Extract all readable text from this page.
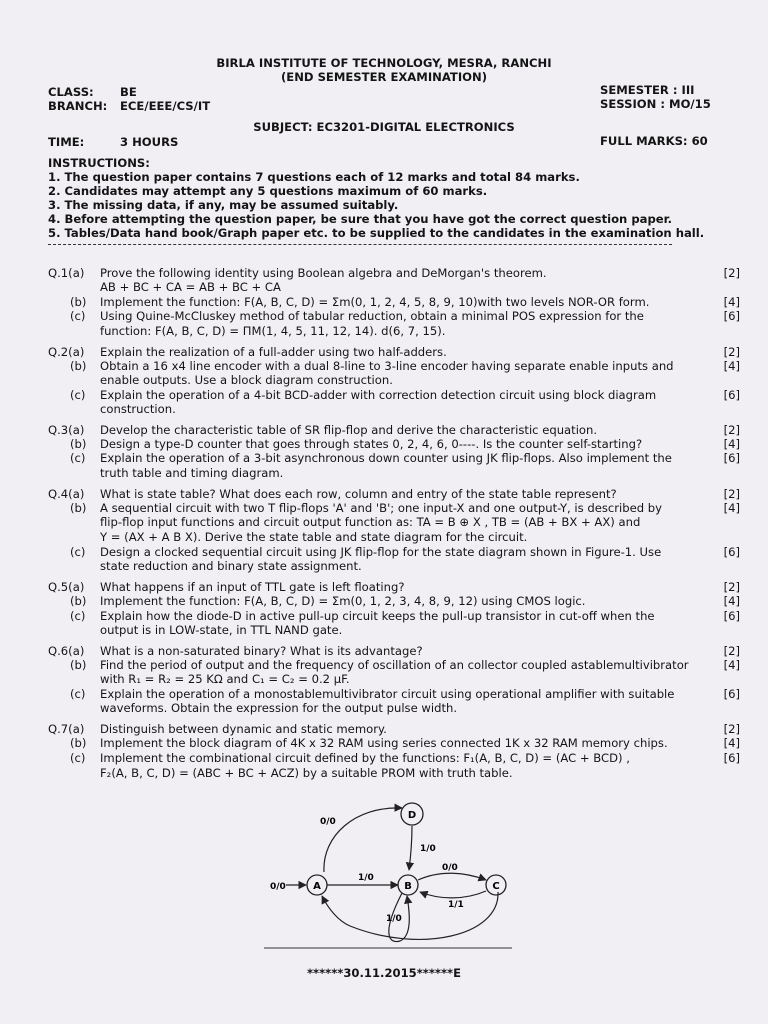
BIRLA INSTITUTE OF TECHNOLOGY, MESRA, RANCHI
(END SEMESTER EXAMINATION)
CLASS: BE	SEMESTER : III
BRANCH: ECE/EEE/CS/IT	SESSION : MO/15
SUBJECT: EC3201-DIGITAL ELECTRONICS
TIME:	3 HOURS	FULL MARKS: 60
INSTRUCTIONS:
1. The question paper contains 7 questions each of 12 marks and total 84 marks.
2. Candidates may attempt any 5 questions maximum of 60 marks.
3. The missing data, if any, may be assumed suitably.
4. Before attempting the question paper, be sure that you have got the correct question paper.
5. Tables/Data hand book/Graph paper etc. to be supplied to the candidates in the examination hall.
Q.1(a) Prove the following identity using Boolean algebra and DeMorgan's theorem.	[2]
AB + BC + CA = AB + BC + CA
(b) Implement the function: F(A, B, C, D) = Σm(0, 1, 2, 4, 5, 8, 9, 10)with two levels NOR-OR form.	[4]
(c) Using Quine-McCluskey method of tabular reduction, obtain a minimal POS expression for the	[6]
function: F(A, B, C, D) = ΠM(1, 4, 5, 11, 12, 14). d(6, 7, 15).
Q.2(a) Explain the realization of a full-adder using two half-adders.	[2]
(b) Obtain a 16 x4 line encoder with a dual 8-line to 3-line encoder having separate enable inputs and	[4]
enable outputs. Use a block diagram construction.
(c) Explain the operation of a 4-bit BCD-adder with correction detection circuit using block diagram	[6]
construction.
Q.3(a) Develop the characteristic table of SR flip-flop and derive the characteristic equation.	[2]
(b) Design a type-D counter that goes through states 0, 2, 4, 6, 0----. Is the counter self-starting?	[4]
(c) Explain the operation of a 3-bit asynchronous down counter using JK flip-flops. Also implement the	[6]
truth table and timing diagram.
Q.4(a) What is state table? What does each row, column and entry of the state table represent?	[2]
(b) A sequential circuit with two T flip-flops 'A' and 'B'; one input-X and one output-Y, is described by	[4]
flip-flop input functions and circuit output function as: TA = B ⊕ X , TB = (AB + BX + AX) and
Y = (AX + A B X). Derive the state table and state diagram for the circuit.
(c) Design a clocked sequential circuit using JK flip-flop for the state diagram shown in Figure-1. Use	[6]
state reduction and binary state assignment.
Q.5(a) What happens if an input of TTL gate is left floating?	[2]
(b) Implement the function: F(A, B, C, D) = Σm(0, 1, 2, 3, 4, 8, 9, 12) using CMOS logic.	[4]
(c) Explain how the diode-D in active pull-up circuit keeps the pull-up transistor in cut-off when the	[6]
output is in LOW-state, in TTL NAND gate.
Q.6(a) What is a non-saturated binary? What is its advantage?	[2]
(b) Find the period of output and the frequency of oscillation of an collector coupled astablemultivibrator	[4]
with R₁ = R₂ = 25 KΩ and C₁ = C₂ = 0.2 μF.
(c) Explain the operation of a monostablemultivibrator circuit using operational amplifier with suitable	[6]
waveforms. Obtain the expression for the output pulse width.
Q.7(a) Distinguish between dynamic and static memory.	[2]
(b) Implement the block diagram of 4K x 32 RAM using series connected 1K x 32 RAM memory chips.	[4]
(c) Implement the combinational circuit defined by the functions: F₁(A, B, C, D) = (AC + BCD) ,	[6]
F₂(A, B, C, D) = (ABC + BC + ACZ) by a suitable PROM with truth table.
A	B	C
D
0/0
0/0
1/0
1/0
0/0
1/1
1/0
******30.11.2015******E
